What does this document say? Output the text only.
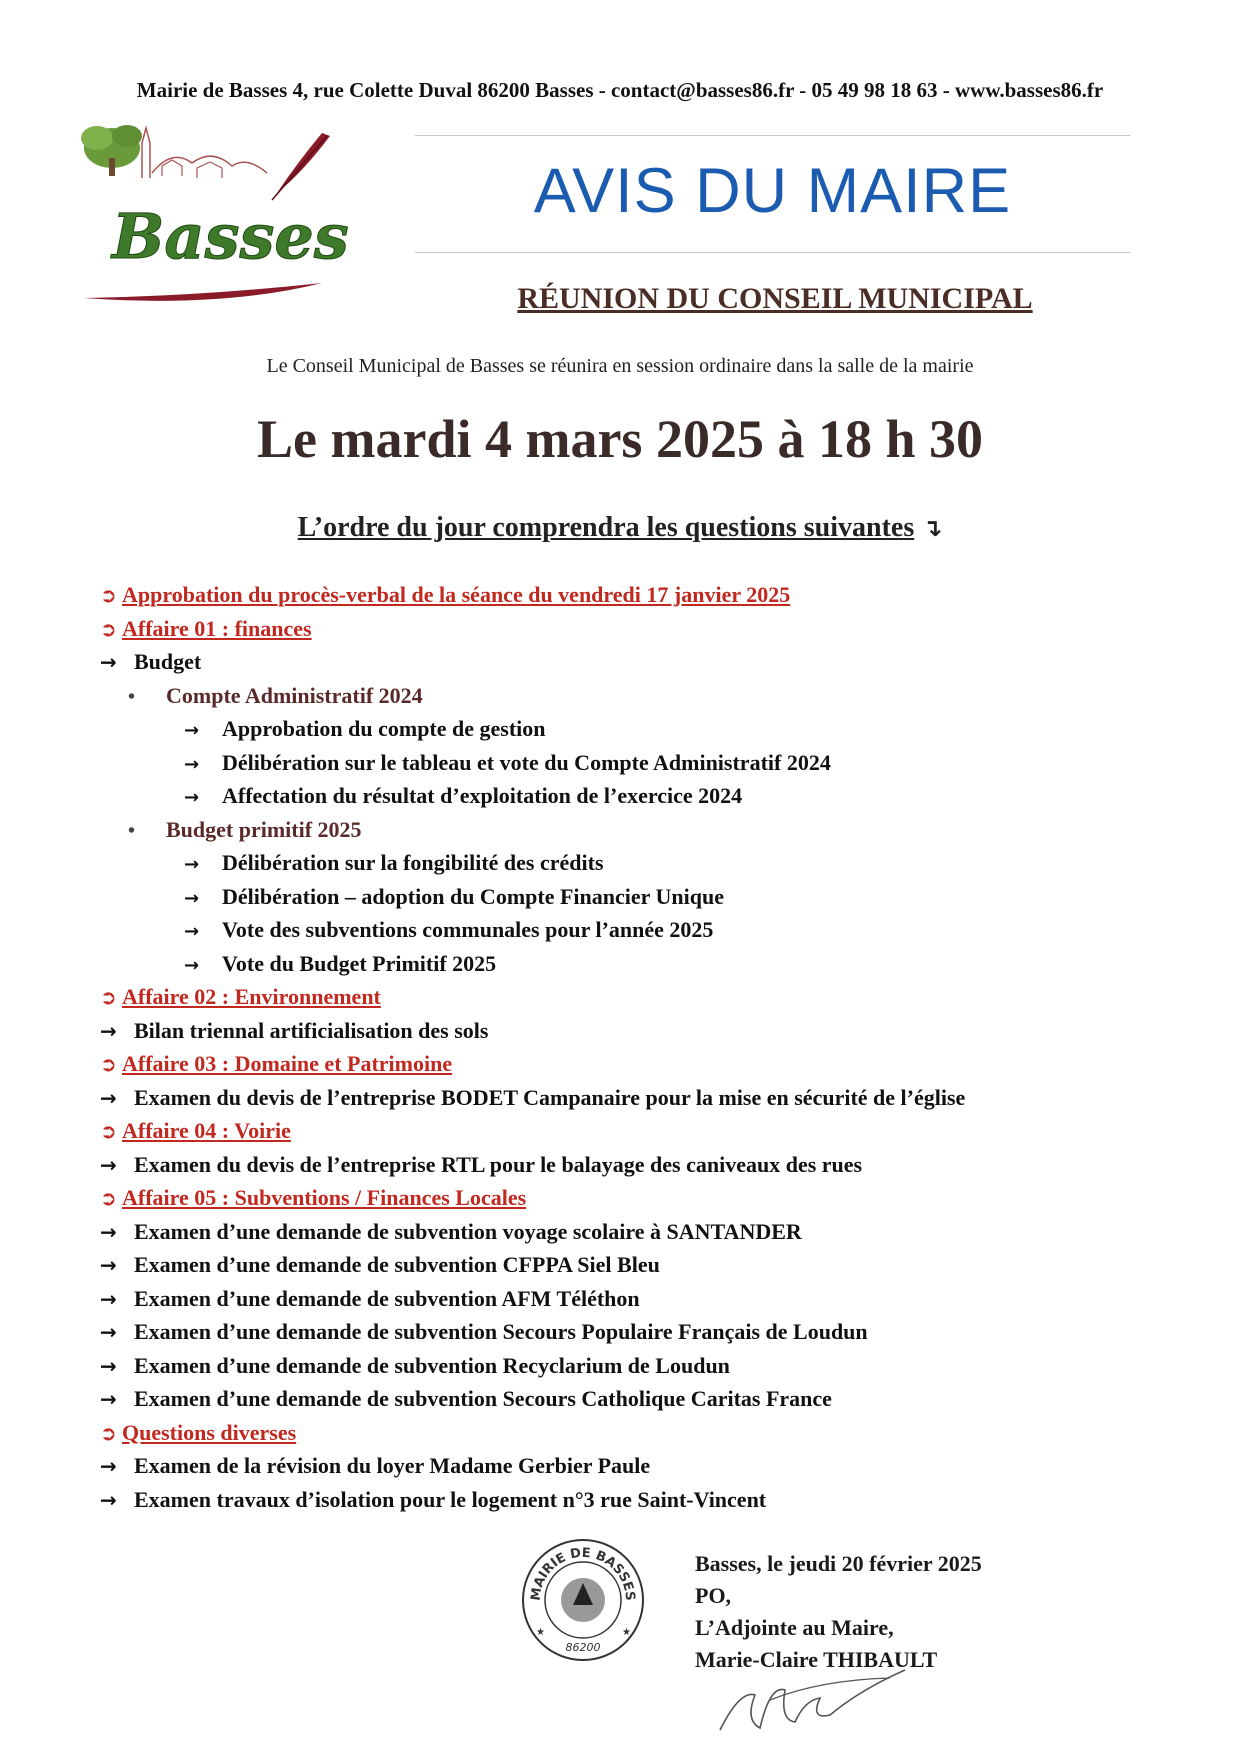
Mairie de Basses 4, rue Colette Duval 86200 Basses - contact@basses86.fr - 05 49 98 18 63 - www.basses86.fr
Basses
AVIS DU MAIRE
RÉUNION DU CONSEIL MUNICIPAL
Le Conseil Municipal de Basses se réunira en session ordinaire dans la salle de la mairie
Le mardi 4 mars 2025 à 18 h 30
L’ordre du jour comprendra les questions suivantes ↴
➲ Approbation du procès-verbal de la séance du vendredi 17 janvier 2025
➲ Affaire 01 : finances
→ Budget
• Compte Administratif 2024
→ Approbation du compte de gestion
→ Délibération sur le tableau et vote du Compte Administratif 2024
→ Affectation du résultat d’exploitation de l’exercice 2024
• Budget primitif 2025
→ Délibération sur la fongibilité des crédits
→ Délibération – adoption du Compte Financier Unique
→ Vote des subventions communales pour l’année 2025
→ Vote du Budget Primitif 2025
➲ Affaire 02 : Environnement
→ Bilan triennal artificialisation des sols
➲ Affaire 03 : Domaine et Patrimoine
→ Examen du devis de l’entreprise BODET Campanaire pour la mise en sécurité de l’église
➲ Affaire 04 : Voirie
→ Examen du devis de l’entreprise RTL pour le balayage des caniveaux des rues
➲ Affaire 05 : Subventions / Finances Locales
→ Examen d’une demande de subvention voyage scolaire à SANTANDER
→ Examen d’une demande de subvention CFPPA Siel Bleu
→ Examen d’une demande de subvention AFM Téléthon
→ Examen d’une demande de subvention Secours Populaire Français de Loudun
→ Examen d’une demande de subvention Recyclarium de Loudun
→ Examen d’une demande de subvention Secours Catholique Caritas France
➲ Questions diverses
→ Examen de la révision du loyer Madame Gerbier Paule
→ Examen travaux d’isolation pour le logement n°3 rue Saint-Vincent
MAIRIE DE BASSES
86200
★	★
Basses, le jeudi 20 février 2025
PO,
L’Adjointe au Maire,
Marie-Claire THIBAULT
